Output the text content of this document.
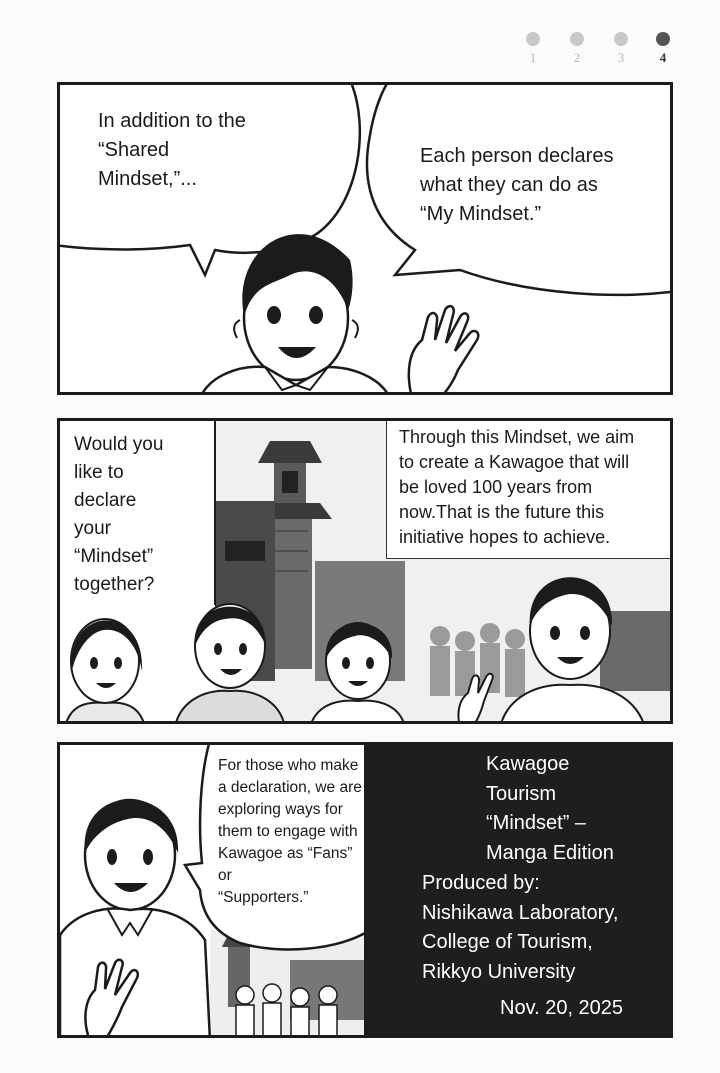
1	2	3	4
In addition to the
“Shared
Mindset,”...
Each person declares
what they can do as
“My Mindset.”
Would you
like to
declare
your
“Mindset”
together?
Through this Mindset, we aim
to create a Kawagoe that will
be loved 100 years from
now.That is the future this
initiative hopes to achieve.
For those who make
a declaration, we are
exploring ways for
them to engage with
Kawagoe as “Fans” or
“Supporters.”
Kawagoe
Tourism
“Mindset” –
Manga Edition
Produced by:
Nishikawa Laboratory,
College of Tourism,
Rikkyo University
Nov. 20, 2025
